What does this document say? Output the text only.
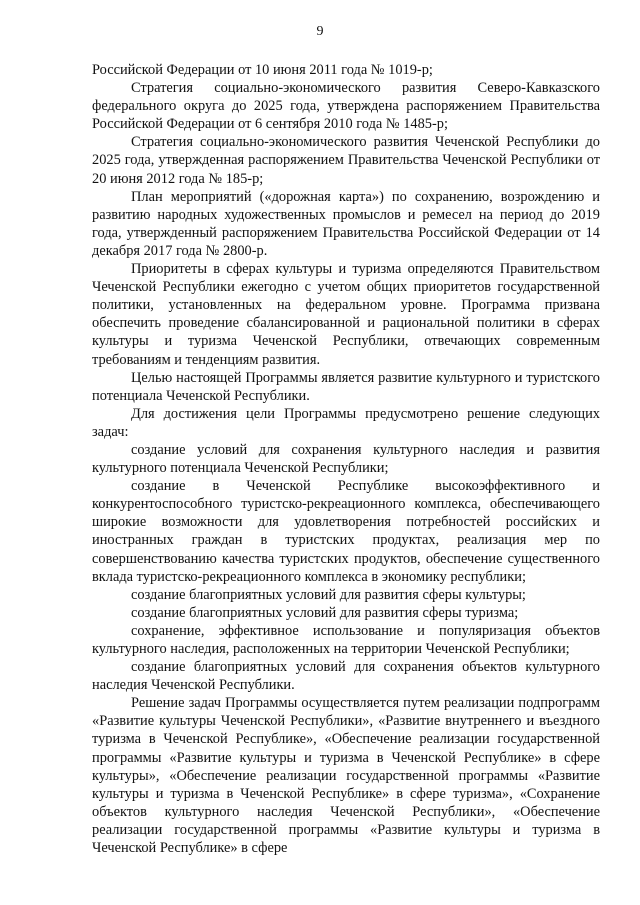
9

Российской Федерации от 10 июня 2011 года № 1019-р;

Стратегия социально-экономического развития Северо-Кавказского федерального округа до 2025 года, утверждена распоряжением Правительства Российской Федерации от 6 сентября 2010 года № 1485-р;

Стратегия социально-экономического развития Чеченской Республики до 2025 года, утвержденная распоряжением Правительства Чеченской Республики от 20 июня 2012 года № 185-р;

План мероприятий («дорожная карта») по сохранению, возрождению и развитию народных художественных промыслов и ремесел на период до 2019 года, утвержденный распоряжением Правительства Российской Федерации от 14 декабря 2017 года № 2800-р.

Приоритеты в сферах культуры и туризма определяются Правительством Чеченской Республики ежегодно с учетом общих приоритетов государственной политики, установленных на федеральном уровне. Программа призвана обеспечить проведение сбалансированной и рациональной политики в сферах культуры и туризма Чеченской Республики, отвечающих современным требованиям и тенденциям развития.

Целью настоящей Программы является развитие культурного и туристского потенциала Чеченской Республики.

Для достижения цели Программы предусмотрено решение следующих задач:

создание условий для сохранения культурного наследия и развития культурного потенциала Чеченской Республики;

создание в Чеченской Республике высокоэффективного и конкурентоспособного туристско-рекреационного комплекса, обеспечивающего широкие возможности для удовлетворения потребностей российских и иностранных граждан в туристских продуктах, реализация мер по совершенствованию качества туристских продуктов, обеспечение существенного вклада туристско-рекреационного комплекса в экономику республики;

создание благоприятных условий для развития сферы культуры;

создание благоприятных условий для развития сферы туризма;

сохранение, эффективное использование и популяризация объектов культурного наследия, расположенных на территории Чеченской Республики;

создание благоприятных условий для сохранения объектов культурного наследия Чеченской Республики.

Решение задач Программы осуществляется путем реализации подпрограмм «Развитие культуры Чеченской Республики», «Развитие внутреннего и въездного туризма в Чеченской Республике», «Обеспечение реализации государственной программы «Развитие культуры и туризма в Чеченской Республике» в сфере культуры», «Обеспечение реализации государственной программы «Развитие культуры и туризма в Чеченской Республике» в сфере туризма», «Сохранение объектов культурного наследия Чеченской Республики», «Обеспечение реализации государственной программы «Развитие культуры и туризма в Чеченской Республике» в сфере
